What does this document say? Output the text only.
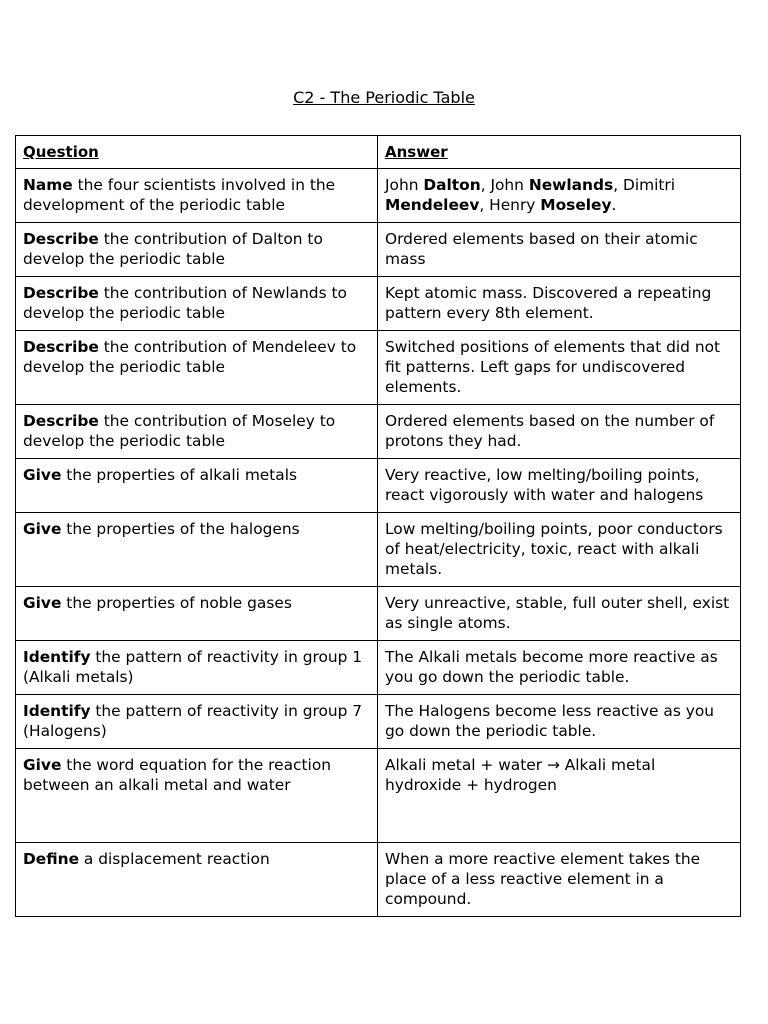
C2 - The Periodic Table
Question	Answer
Name the four scientists involved in the development of the periodic table	John Dalton, John Newlands, Dimitri Mendeleev, Henry Moseley.
Describe the contribution of Dalton to develop the periodic table	Ordered elements based on their atomic mass
Describe the contribution of Newlands to develop the periodic table	Kept atomic mass. Discovered a repeating pattern every 8th element.
Describe the contribution of Mendeleev to develop the periodic table	Switched positions of elements that did not fit patterns. Left gaps for undiscovered elements.
Describe the contribution of Moseley to develop the periodic table	Ordered elements based on the number of protons they had.
Give the properties of alkali metals	Very reactive, low melting/boiling points, react vigorously with water and halogens
Give the properties of the halogens	Low melting/boiling points, poor conductors of heat/electricity, toxic, react with alkali metals.
Give the properties of noble gases	Very unreactive, stable, full outer shell, exist as single atoms.
Identify the pattern of reactivity in group 1 (Alkali metals)	The Alkali metals become more reactive as you go down the periodic table.
Identify the pattern of reactivity in group 7 (Halogens)	The Halogens become less reactive as you go down the periodic table.
Give the word equation for the reaction between an alkali metal and water	Alkali metal + water → Alkali metal hydroxide + hydrogen
Define a displacement reaction	When a more reactive element takes the place of a less reactive element in a compound.
